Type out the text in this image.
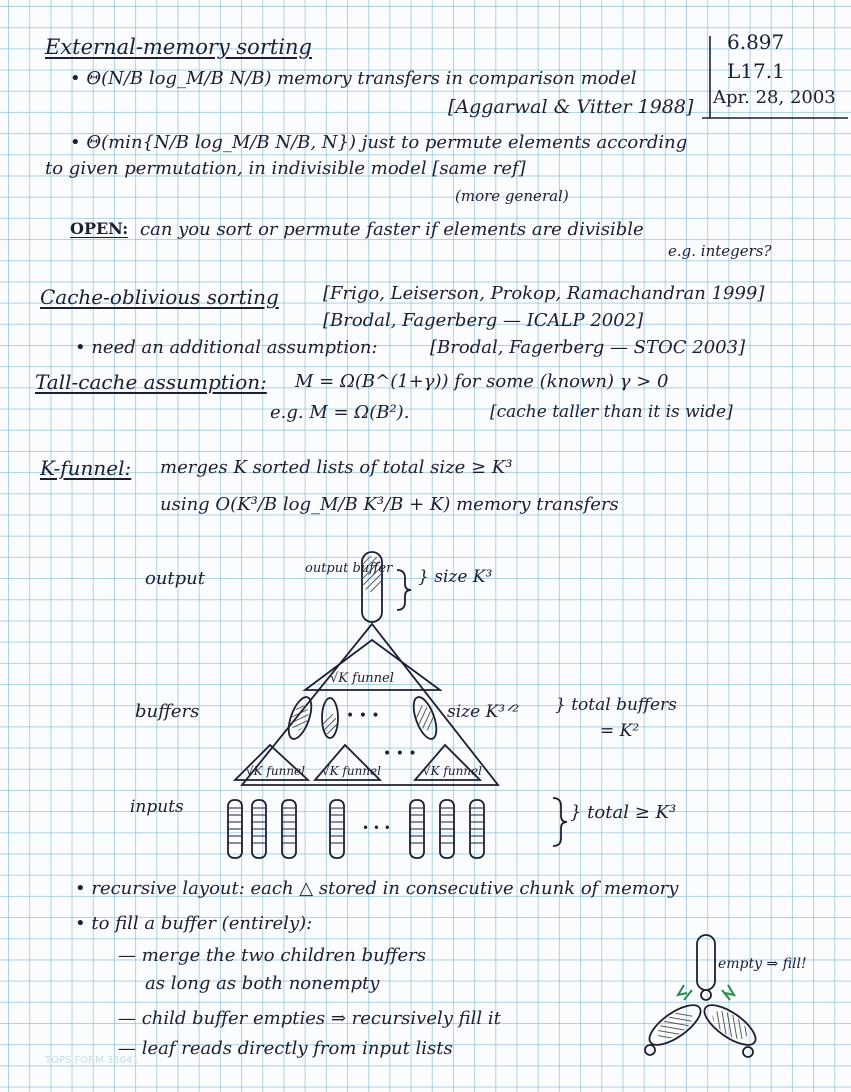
6.897
L17.1
Apr. 28, 2003
External-memory sorting
• Θ(N/B log_M/B N/B) memory transfers in comparison model
[Aggarwal & Vitter 1988]
• Θ(min{N/B log_M/B N/B, N}) just to permute elements according
to given permutation, in indivisible model [same ref]
(more general)
OPEN: can you sort or permute faster if elements are divisible
e.g. integers?
Cache-oblivious sorting [Frigo, Leiserson, Prokop, Ramachandran 1999]
[Brodal, Fagerberg — ICALP 2002]
• need an additional assumption:	[Brodal, Fagerberg — STOC 2003]
Tall-cache assumption: M = Ω(B^(1+γ)) for some (known) γ > 0
e.g. M = Ω(B²).	[cache taller than it is wide]
K-funnel: merges K sorted lists of total size ≥ K³
using O(K³/B log_M/B K³/B + K) memory transfers
output	output buffer } size K³
√K funnel
buffers	• • •	size K³ᐟ² } total buffers
= K²
√K funnel √K funnel	√K funnel
• • •
inputs
• • •
} total ≥ K³
empty ⇒ fill!
• recursive layout: each △ stored in consecutive chunk of memory
• to fill a buffer (entirely):
— merge the two children buffers
as long as both nonempty
— child buffer empties ⇒ recursively fill it
— leaf reads directly from input lists
TOPS FORM 35041
